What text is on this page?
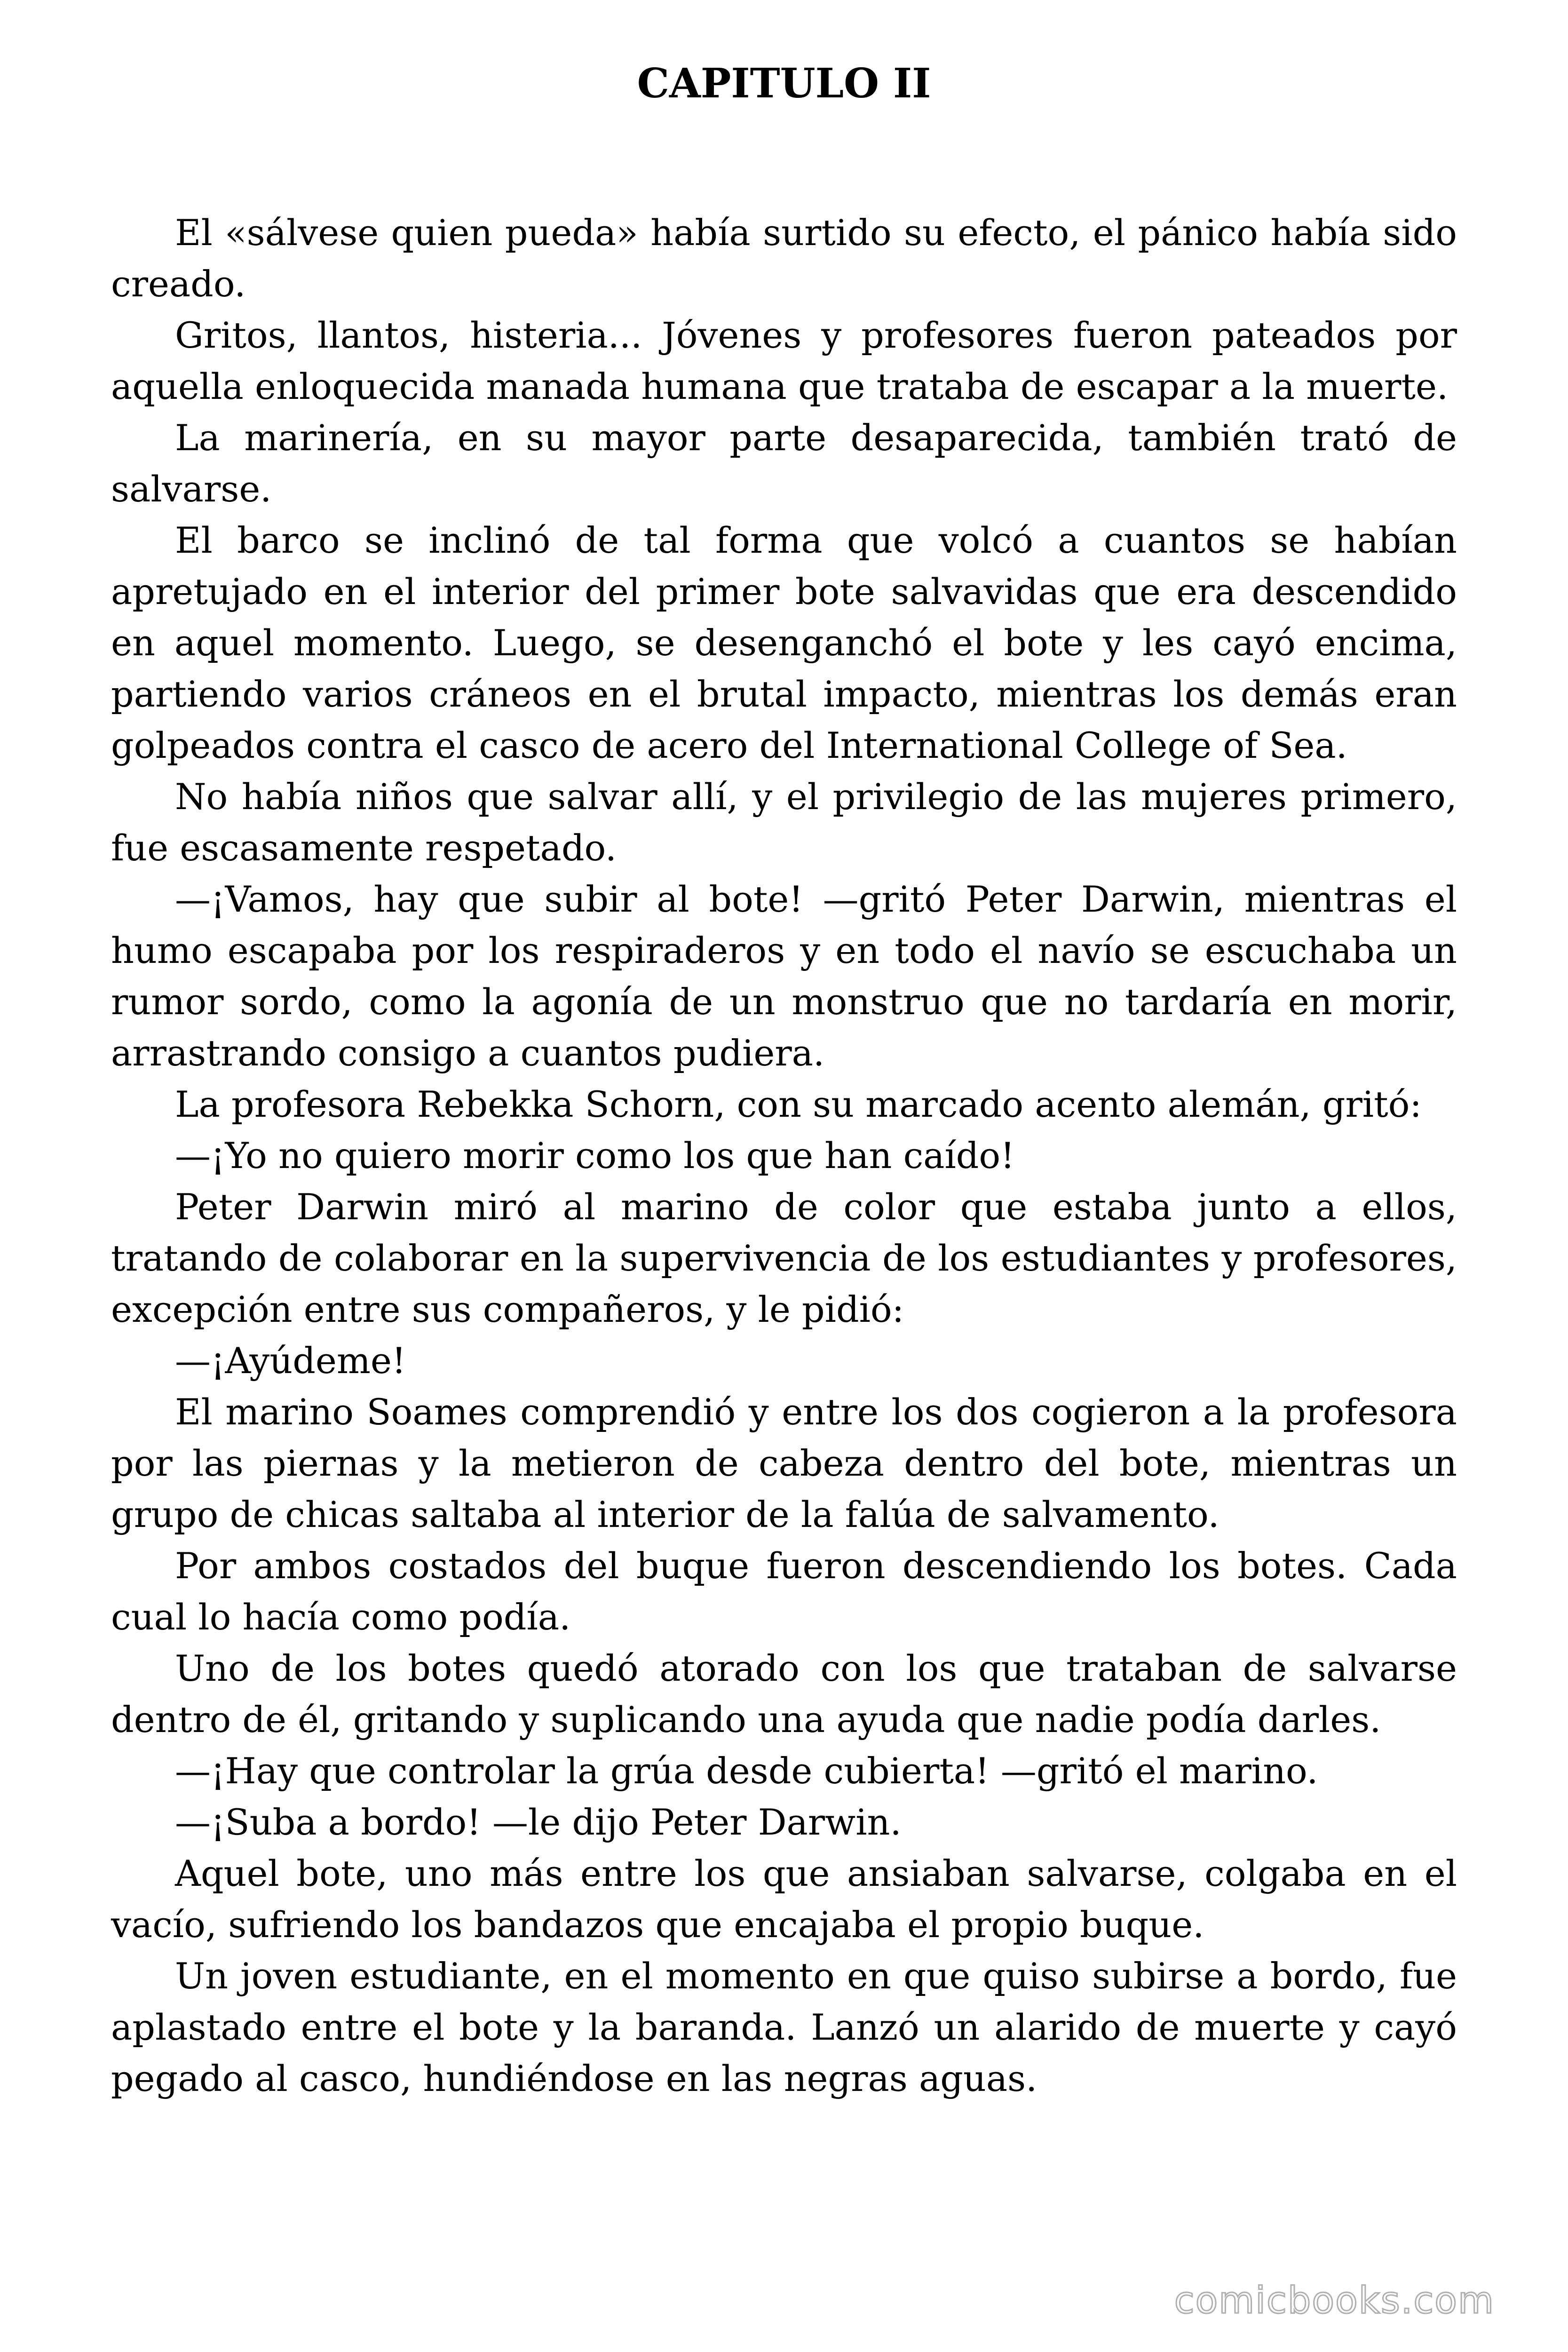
CAPITULO II

El «sálvese quien pueda» había surtido su efecto, el pánico había sido creado.

Gritos, llantos, histeria... Jóvenes y profesores fueron pateados por aquella enloquecida manada humana que trataba de escapar a la muerte.

La marinería, en su mayor parte desaparecida, también trató de salvarse.

El barco se inclinó de tal forma que volcó a cuantos se habían apretujado en el interior del primer bote salvavidas que era descendido en aquel momento. Luego, se desenganchó el bote y les cayó encima, partiendo varios cráneos en el brutal impacto, mientras los demás eran golpeados contra el casco de acero del International College of Sea.

No había niños que salvar allí, y el privilegio de las mujeres primero, fue escasamente respetado.

—¡Vamos, hay que subir al bote! —gritó Peter Darwin, mientras el humo escapaba por los respiraderos y en todo el navío se escuchaba un rumor sordo, como la agonía de un monstruo que no tardaría en morir, arrastrando consigo a cuantos pudiera.

La profesora Rebekka Schorn, con su marcado acento alemán, gritó:

—¡Yo no quiero morir como los que han caído!

Peter Darwin miró al marino de color que estaba junto a ellos, tratando de colaborar en la supervivencia de los estudiantes y profesores, excepción entre sus compañeros, y le pidió:

—¡Ayúdeme!

El marino Soames comprendió y entre los dos cogieron a la profesora por las piernas y la metieron de cabeza dentro del bote, mientras un grupo de chicas saltaba al interior de la falúa de salvamento.

Por ambos costados del buque fueron descendiendo los botes. Cada cual lo hacía como podía.

Uno de los botes quedó atorado con los que trataban de salvarse dentro de él, gritando y suplicando una ayuda que nadie podía darles.

—¡Hay que controlar la grúa desde cubierta! —gritó el marino.

—¡Suba a bordo! —le dijo Peter Darwin.

Aquel bote, uno más entre los que ansiaban salvarse, colgaba en el vacío, sufriendo los bandazos que encajaba el propio buque.

Un joven estudiante, en el momento en que quiso subirse a bordo, fue aplastado entre el bote y la baranda. Lanzó un alarido de muerte y cayó pegado al casco, hundiéndose en las negras aguas.

comicbooks.com
